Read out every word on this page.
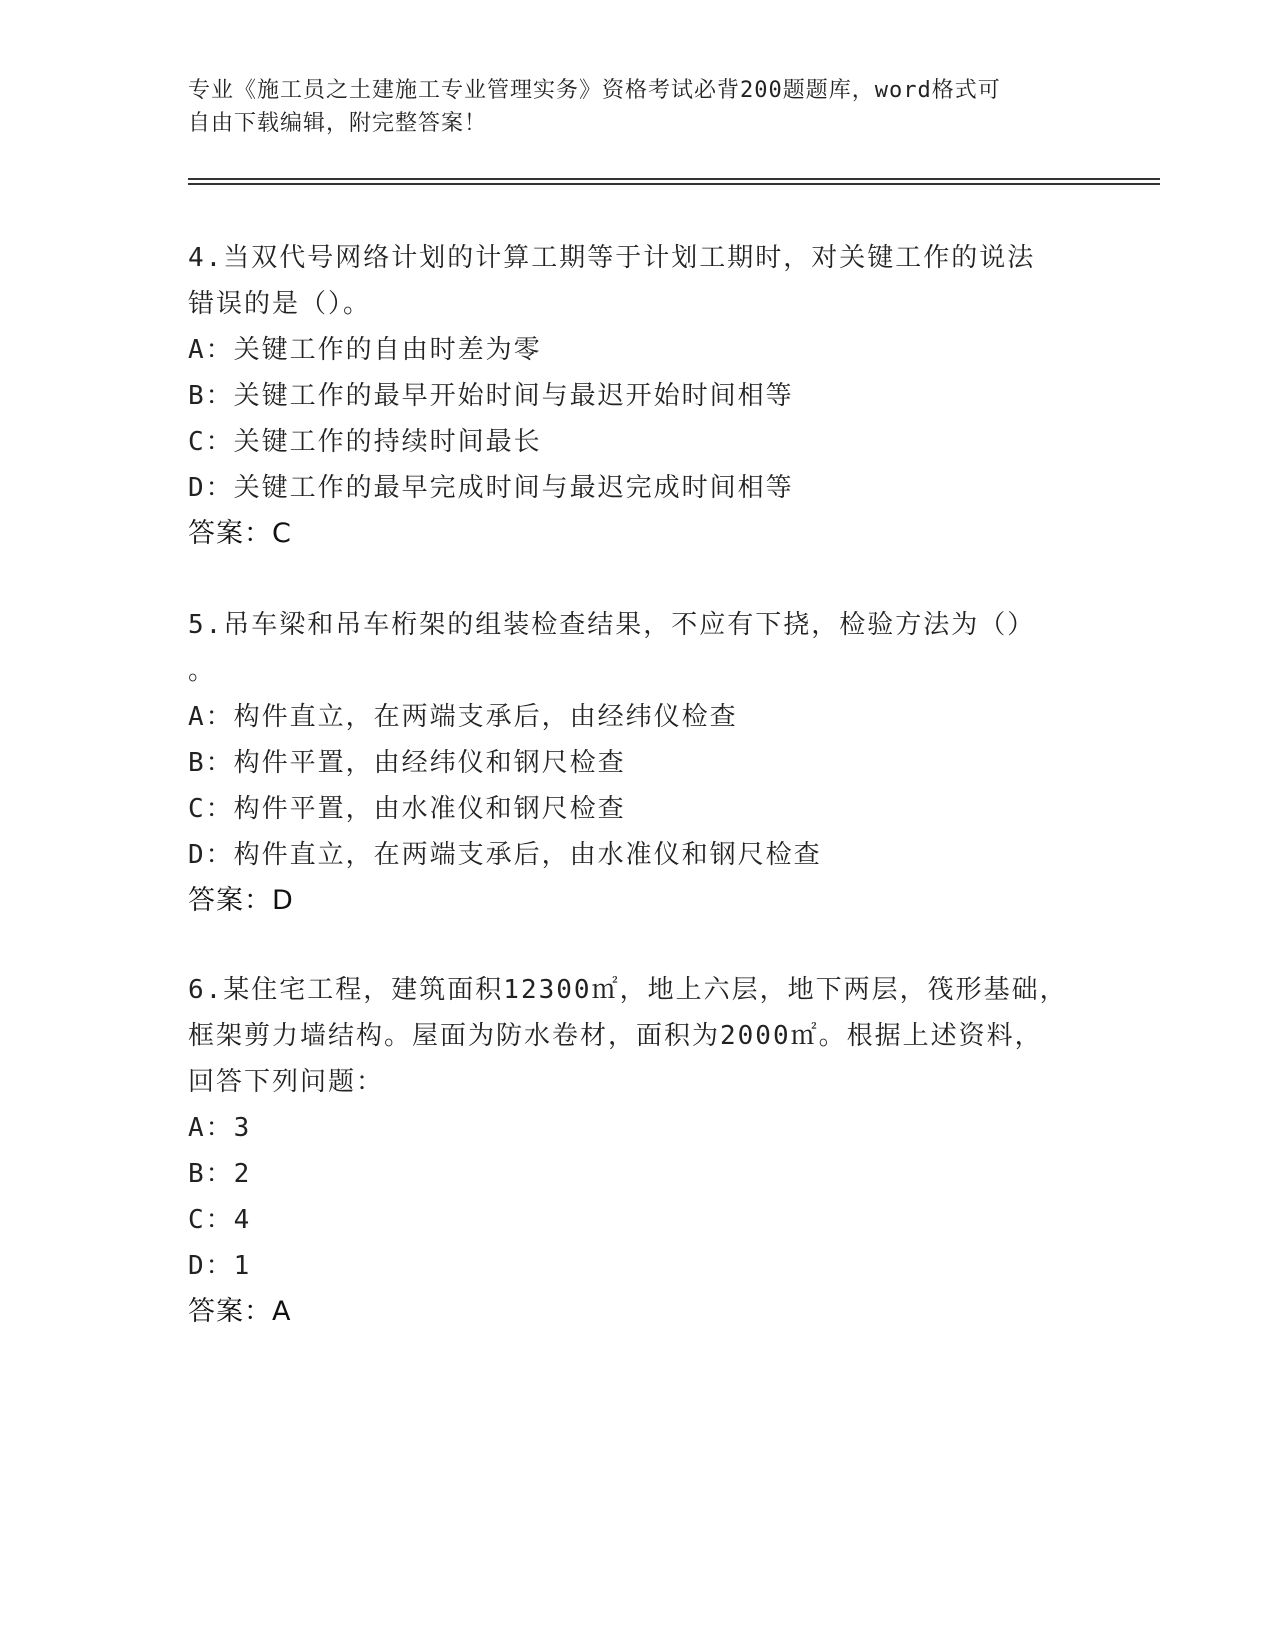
专业《施工员之土建施工专业管理实务》资格考试必背200题题库，word格式可
自由下载编辑，附完整答案！
4.当双代号网络计划的计算工期等于计划工期时，对关键工作的说法
错误的是（）。
A：关键工作的自由时差为零
B：关键工作的最早开始时间与最迟开始时间相等
C：关键工作的持续时间最长
D：关键工作的最早完成时间与最迟完成时间相等
答案：C
5.吊车梁和吊车桁架的组装检查结果，不应有下挠，检验方法为（）
。
A：构件直立，在两端支承后，由经纬仪检查
B：构件平置，由经纬仪和钢尺检查
C：构件平置，由水准仪和钢尺检查
D：构件直立，在两端支承后，由水准仪和钢尺检查
答案：D
6.某住宅工程，建筑面积12300㎡，地上六层，地下两层，筏形基础，
框架剪力墙结构。屋面为防水卷材，面积为2000㎡。根据上述资料，
回答下列问题：
A：3
B：2
C：4
D：1
答案：A
